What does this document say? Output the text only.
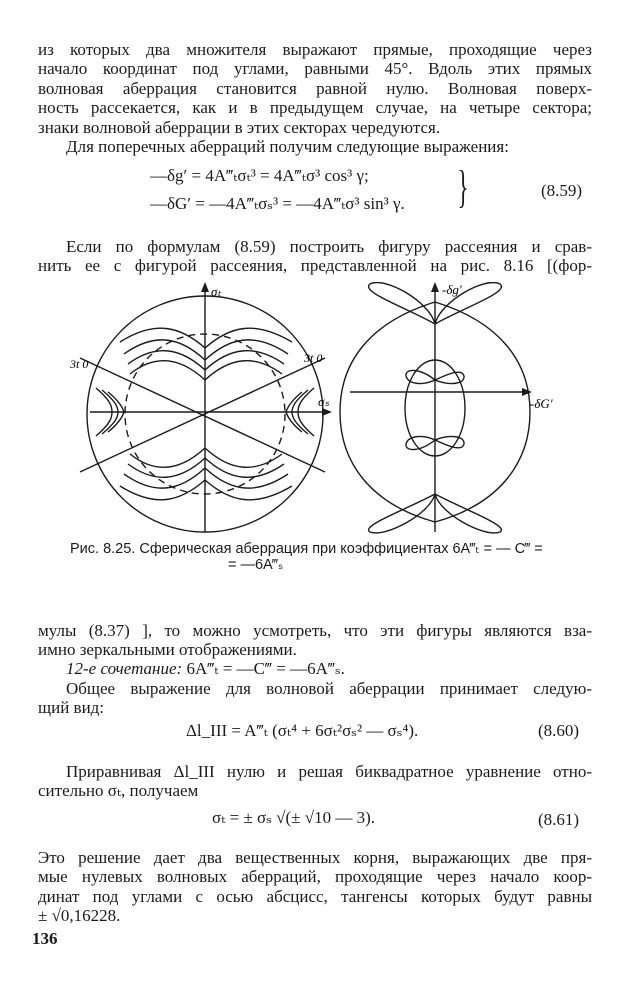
из которых два множителя выражают прямые, проходящие через
начало координат под углами, равными 45°. Вдоль этих прямых
волновая аберрация становится равной нулю. Волновая поверх-
ность рассекается, как и в предыдущем случае, на четыре сектора;
знаки волновой аберрации в этих секторах чередуются.

Для поперечных аберраций получим следующие выражения:

—δg′ = 4A‴ₜσₜ³ = 4A‴ₜσ³ cos³ γ;
—δG′ = —4A‴ₜσₛ³ = —4A‴ₜσ³ sin³ γ. }	(8.59)

Если по формулам (8.59) построить фигуру рассеяния и срав-
нить ее с фигурой рассеяния, представленной на рис. 8.16 [(фор-

σₜ
σₛ
3t 0	3t 0
-δg′
-δG′
Рис. 8.25. Сферическая аберрация при коэффициентах 6A‴ₜ = — C‴ =
= —6A‴ₛ

мулы (8.37) ], то можно усмотреть, что эти фигуры являются вза-
имно зеркальными отображениями.

12-е сочетание: 6A‴ₜ = —C‴ = —6A‴ₛ.

Общее выражение для волновой аберрации принимает следую-
щий вид:

Δl_III = A‴ₜ (σₜ⁴ + 6σₜ²σₛ² — σₛ⁴).	(8.60)

Приравнивая Δl_III нулю и решая биквадратное уравнение отно-
сительно σₜ, получаем

σₜ = ± σₛ √(± √10 — 3).	(8.61)

Это решение дает два вещественных корня, выражающих две пря-
мые нулевых волновых аберраций, проходящие через начало коор-
динат под углами с осью абсцисс, тангенсы которых будут равны
± √0,16228.

136
